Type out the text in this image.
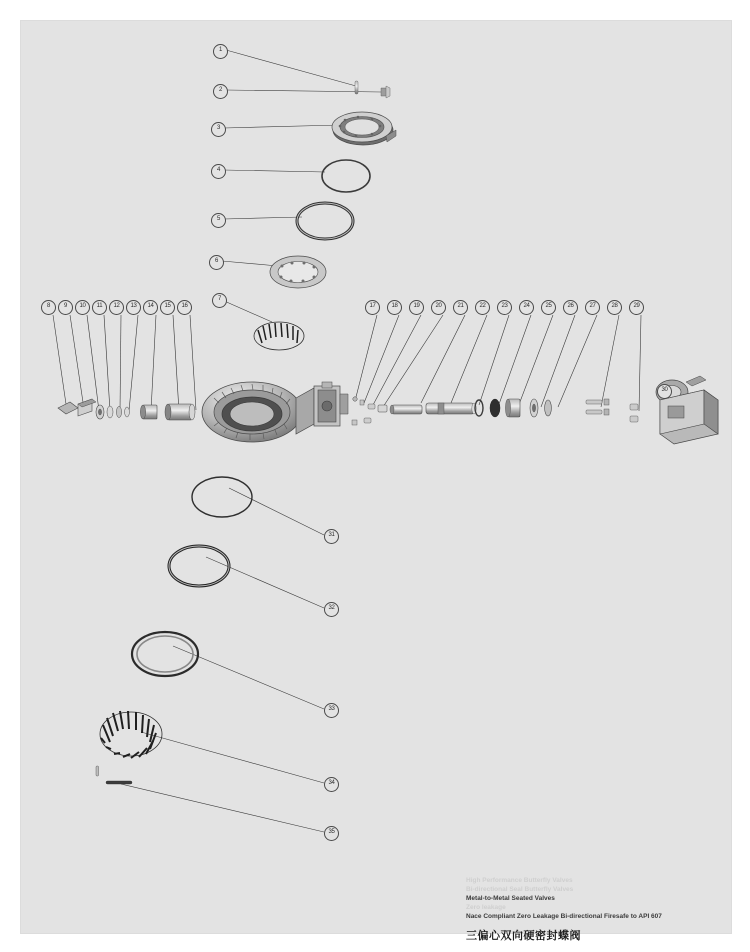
1
2
3
4
5
6
7
8	9	10	11	12	13	14	15	16	17	18	19	20	21	22	23	24	25	26	27	28	29
30
31
32
33
34
35
High Performance Butterfly Valves
Bi-directional Seal Butterfly Valves
Metal-to-Metal Seated Valves
Zero leakage
Nace Compliant Zero Leakage Bi-directional Firesafe to API 607
三偏心双向硬密封蝶阀
